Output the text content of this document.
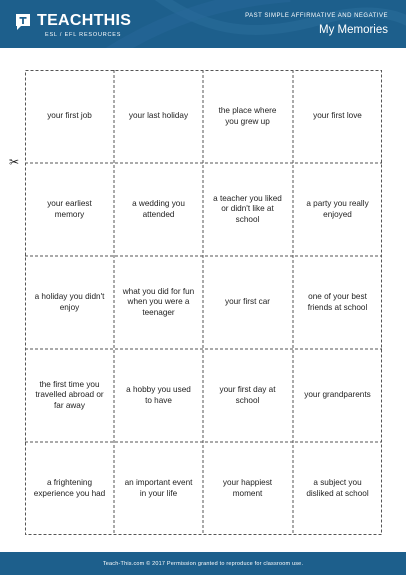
TEACHTHIS
ESL / EFL RESOURCES
PAST SIMPLE AFFIRMATIVE AND NEGATIVE
My Memories
your first job	your last holiday
the place where you grew up
your first love
your earliest memory
a wedding you attended
a teacher you liked or didn't like at school
a party you really enjoyed
a holiday you didn't enjoy
what you did for fun when you were a teenager
your first car
one of your best friends at school
the first time you travelled abroad or far away
a hobby you used to have
your first day at school
your grandparents
a frightening experience you had
an important event in your life
your happiest moment
a subject you disliked at school
✂
Teach-This.com © 2017 Permission granted to reproduce for classroom use.
